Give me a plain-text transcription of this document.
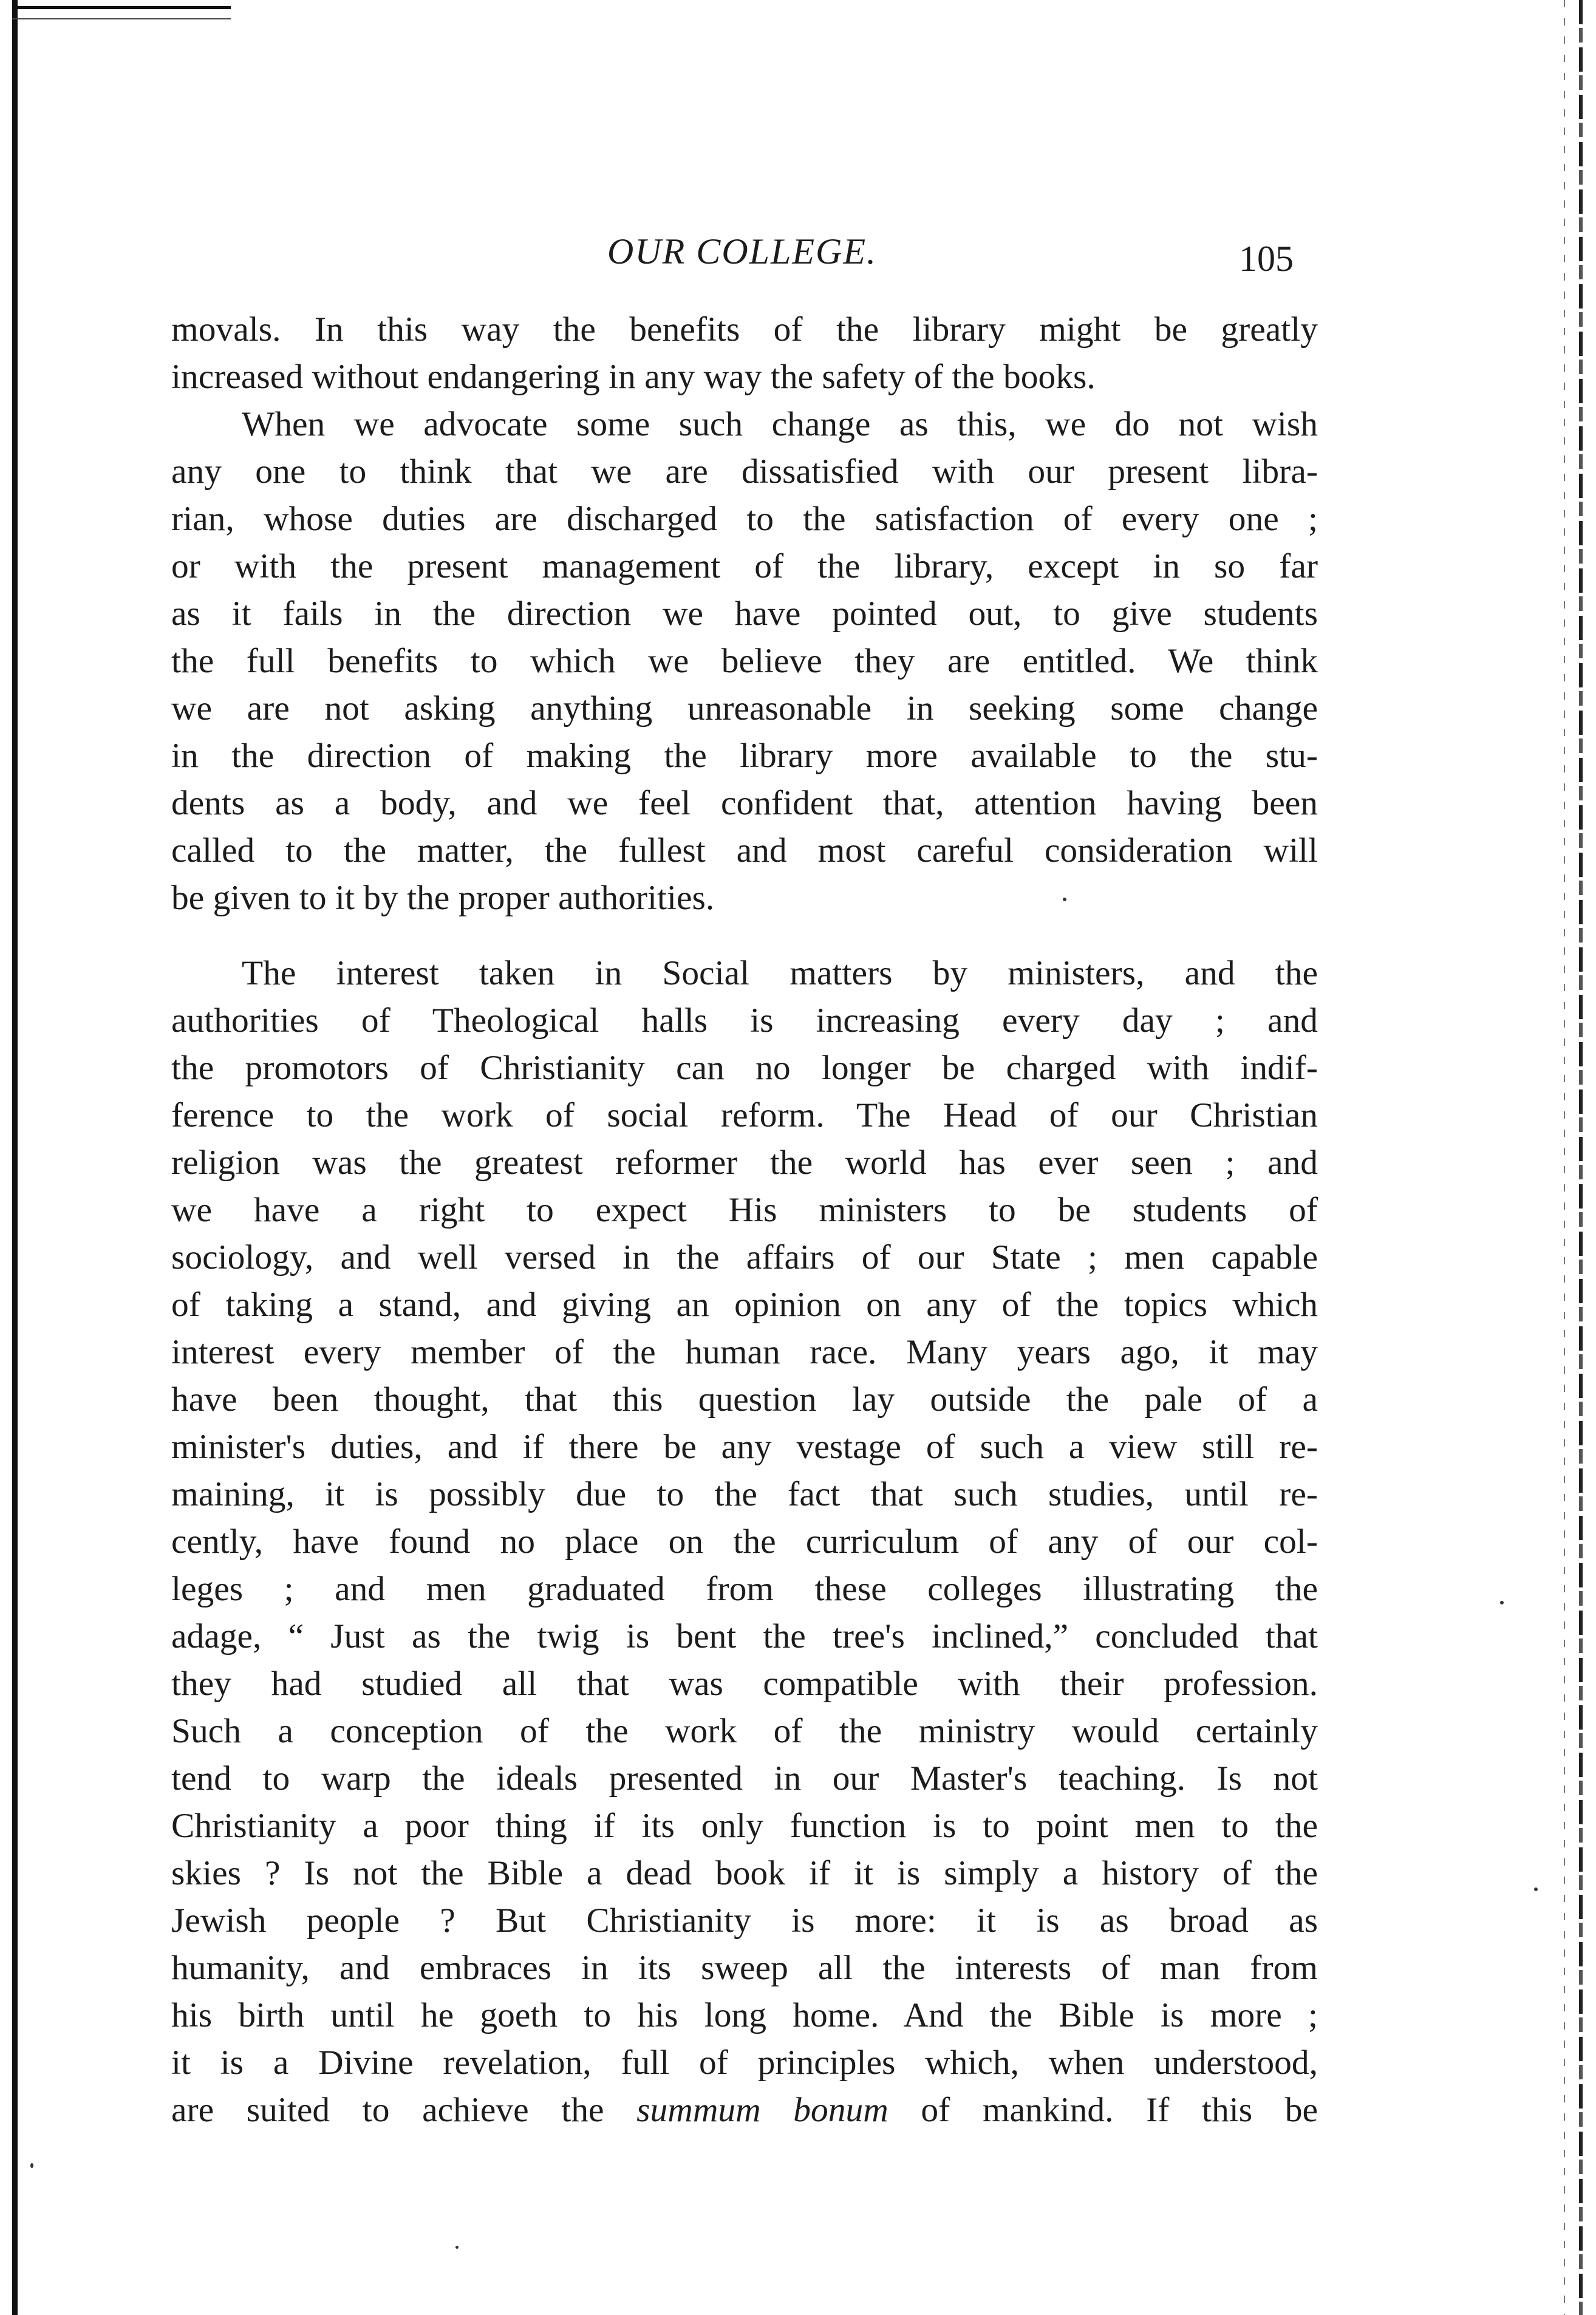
OUR COLLEGE.	105
movals. In this way the benefits of the library might be greatly
increased without endangering in any way the safety of the books.
When we advocate some such change as this, we do not wish
any one to think that we are dissatisfied with our present libra-
rian, whose duties are discharged to the satisfaction of every one ;
or with the present management of the library, except in so far
as it fails in the direction we have pointed out, to give students
the full benefits to which we believe they are entitled. We think
we are not asking anything unreasonable in seeking some change
in the direction of making the library more available to the stu-
dents as a body, and we feel confident that, attention having been
called to the matter, the fullest and most careful consideration will
be given to it by the proper authorities.
The interest taken in Social matters by ministers, and the
authorities of Theological halls is increasing every day ; and
the promotors of Christianity can no longer be charged with indif-
ference to the work of social reform. The Head of our Christian
religion was the greatest reformer the world has ever seen ; and
we have a right to expect His ministers to be students of
sociology, and well versed in the affairs of our State ; men capable
of taking a stand, and giving an opinion on any of the topics which
interest every member of the human race. Many years ago, it may
have been thought, that this question lay outside the pale of a
minister's duties, and if there be any vestage of such a view still re-
maining, it is possibly due to the fact that such studies, until re-
cently, have found no place on the curriculum of any of our col-
leges ; and men graduated from these colleges illustrating the
adage, “ Just as the twig is bent the tree's inclined,” concluded that
they had studied all that was compatible with their profession.
Such a conception of the work of the ministry would certainly
tend to warp the ideals presented in our Master's teaching. Is not
Christianity a poor thing if its only function is to point men to the
skies ? Is not the Bible a dead book if it is simply a history of the
Jewish people ? But Christianity is more: it is as broad as
humanity, and embraces in its sweep all the interests of man from
his birth until he goeth to his long home. And the Bible is more ;
it is a Divine revelation, full of principles which, when understood,
are suited to achieve the summum bonum of mankind. If this be
